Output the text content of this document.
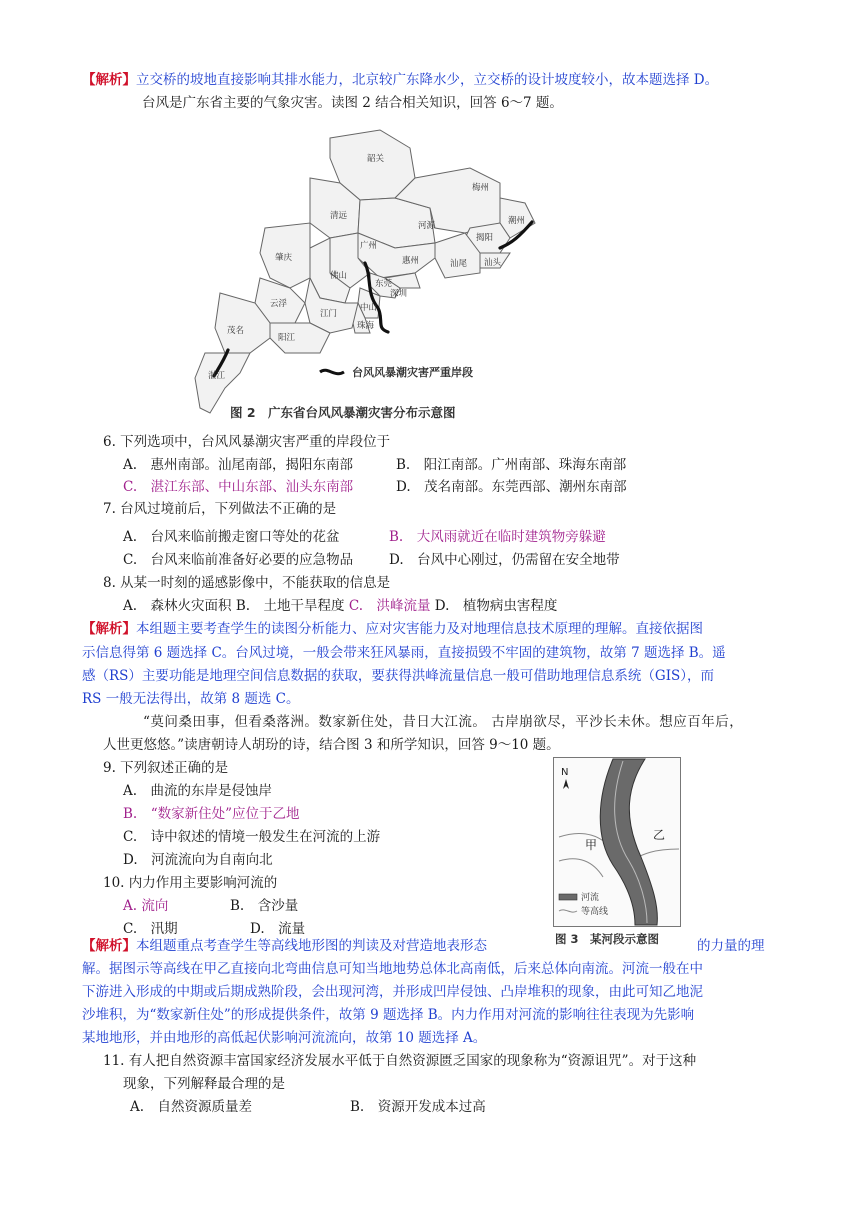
【解析】立交桥的坡地直接影响其排水能力，北京较广东降水少，立交桥的设计坡度较小，故本题选择 D。
台风是广东省主要的气象灾害。读图 2 结合相关知识，回答 6～7 题。
韶关
清远
河源
梅州
潮州
揭阳
汕头
汕尾
惠州
广州
东莞
深圳
中山
珠海
佛山
肇庆
云浮
江门
阳江
茂名
湛江	台风风暴潮灾害严重岸段
图 2　广东省台风风暴潮灾害分布示意图
6. 下列选项中，台风风暴潮灾害严重的岸段位于
A.　惠州南部。汕尾南部，揭阳东南部	B.　阳江南部。广州南部、珠海东南部
C.　湛江东部、中山东部、汕头东南部	D.　茂名南部。东莞西部、潮州东南部
7. 台风过境前后，下列做法不正确的是
A.　台风来临前搬走窗口等处的花盆	B.　大风雨就近在临时建筑物旁躲避
C.　台风来临前准备好必要的应急物品	D.　台风中心刚过，仍需留在安全地带
8. 从某一时刻的遥感影像中，不能获取的信息是
A.　森林火灾面积 B.　土地干旱程度 C.　洪峰流量 D.　植物病虫害程度
【解析】本组题主要考查学生的读图分析能力、应对灾害能力及对地理信息技术原理的理解。直接依据图
示信息得第 6 题选择 C。台风过境，一般会带来狂风暴雨，直接损毁不牢固的建筑物，故第 7 题选择 B。遥
感（RS）主要功能是地理空间信息数据的获取，要获得洪峰流量信息一般可借助地理信息系统（GIS），而
RS 一般无法得出，故第 8 题选 C。
“莫问桑田事，但看桑落洲。数家新住处，昔日大江流。 古岸崩欲尽，平沙长未休。想应百年后，
人世更悠悠。”读唐朝诗人胡玢的诗，结合图 3 和所学知识，回答 9～10 题。
9. 下列叙述正确的是
A.　曲流的东岸是侵蚀岸
B.　“数家新住处”应位于乙地
C.　诗中叙述的情境一般发生在河流的上游
D.　河流流向为自南向北
10. 内力作用主要影响河流的
A. 流向	B.　含沙量
C.　汛期	D.　流量
N
甲
乙
河流
等高线
图 3　某河段示意图
【解析】本组题重点考查学生等高线地形图的判读及对营造地表形态	的力量的理
解。据图示等高线在甲乙直接向北弯曲信息可知当地地势总体北高南低，后来总体向南流。河流一般在中
下游进入形成的中期或后期成熟阶段，会出现河湾，并形成凹岸侵蚀、凸岸堆积的现象，由此可知乙地泥
沙堆积，为“数家新住处”的形成提供条件，故第 9 题选择 B。内力作用对河流的影响往往表现为先影响
某地地形，并由地形的高低起伏影响河流流向，故第 10 题选择 A。
11. 有人把自然资源丰富国家经济发展水平低于自然资源匮乏国家的现象称为“资源诅咒”。对于这种
现象，下列解释最合理的是
A.　自然资源质量差	B.　资源开发成本过高
